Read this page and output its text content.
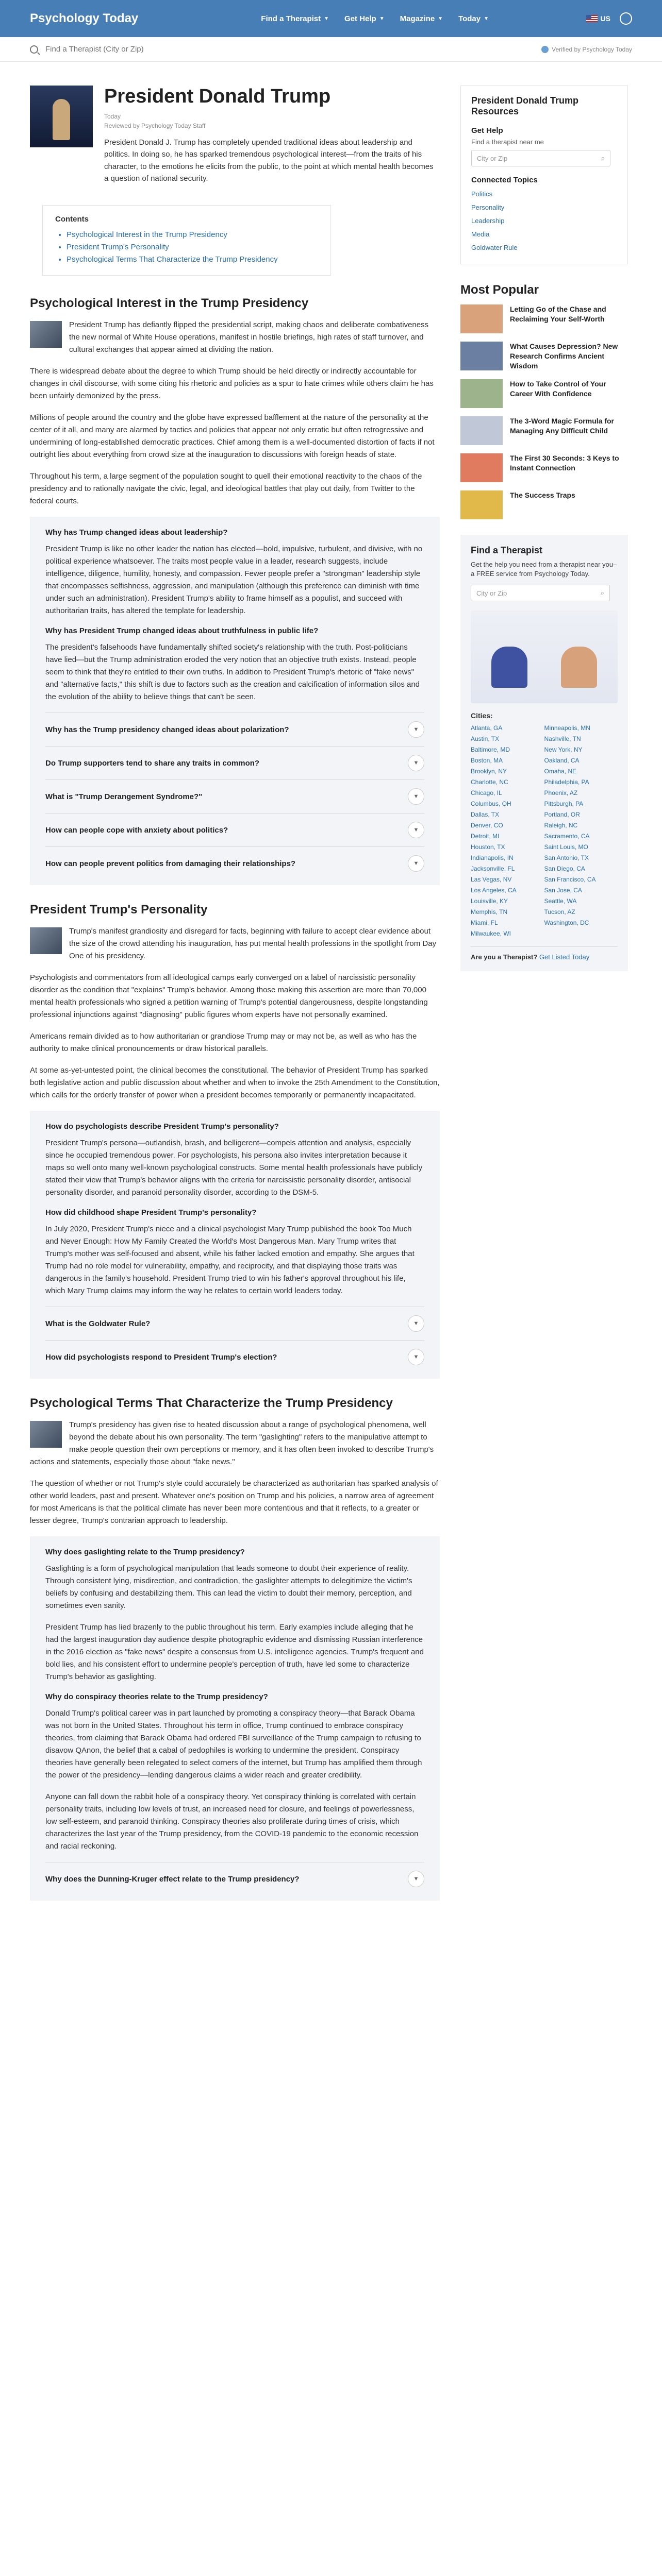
Psychology Today	Find a Therapist ▼ Get Help ▼ Magazine ▼ Today ▼	US
Find a Therapist (City or Zip)
Verified by Psychology Today
President Donald Trump
Today
Reviewed by Psychology Today Staff
President Donald J. Trump has completely upended traditional ideas about leadership and politics. In doing so, he has sparked tremendous psychological interest—from the traits of his character, to the emotions he elicits from the public, to the point at which mental health becomes a question of national security.
Contents
• Psychological Interest in the Trump Presidency
• President Trump's Personality
• Psychological Terms That Characterize the Trump Presidency
Psychological Interest in the Trump Presidency

President Trump has defiantly flipped the presidential script, making chaos and deliberate combativeness the new normal of White House operations, manifest in hostile briefings, high rates of staff turnover, and cultural exchanges that appear aimed at dividing the nation.

There is widespread debate about the degree to which Trump should be held directly or indirectly accountable for changes in civil discourse, with some citing his rhetoric and policies as a spur to hate crimes while others claim he has been unfairly demonized by the press.

Millions of people around the country and the globe have expressed bafflement at the nature of the personality at the center of it all, and many are alarmed by tactics and policies that appear not only erratic but often retrogressive and undermining of long-established democratic practices. Chief among them is a well-documented distortion of facts if not outright lies about everything from crowd size at the inauguration to discussions with foreign heads of state.

Throughout his term, a large segment of the population sought to quell their emotional reactivity to the chaos of the presidency and to rationally navigate the civic, legal, and ideological battles that play out daily, from Twitter to the federal courts.

Why has Trump changed ideas about leadership?
President Trump is like no other leader the nation has elected—bold, impulsive, turbulent, and divisive, with no political experience whatsoever. The traits most people value in a leader, research suggests, include intelligence, diligence, humility, honesty, and compassion. Fewer people prefer a "strongman" leadership style that encompasses selfishness, aggression, and manipulation (although this preference can diminish with time under such an administration). President Trump's ability to frame himself as a populist, and succeed with authoritarian traits, has altered the template for leadership.
Why has President Trump changed ideas about truthfulness in public life?
The president's falsehoods have fundamentally shifted society's relationship with the truth. Post-politicians have lied—but the Trump administration eroded the very notion that an objective truth exists. Instead, people seem to think that they're entitled to their own truths. In addition to President Trump's rhetoric of "fake news" and "alternative facts," this shift is due to factors such as the creation and calcification of information silos and the evolution of the ability to believe things that can't be seen.
Why has the Trump presidency changed ideas about polarization?	▼
Do Trump supporters tend to share any traits in common?	▼
What is "Trump Derangement Syndrome?"	▼
How can people cope with anxiety about politics?	▼
How can people prevent politics from damaging their relationships?	▼
President Trump's Personality

Trump's manifest grandiosity and disregard for facts, beginning with failure to accept clear evidence about the size of the crowd attending his inauguration, has put mental health professions in the spotlight from Day One of his presidency.

Psychologists and commentators from all ideological camps early converged on a label of narcissistic personality disorder as the condition that "explains" Trump's behavior. Among those making this assertion are more than 70,000 mental health professionals who signed a petition warning of Trump's potential dangerousness, despite longstanding professional injunctions against "diagnosing" public figures whom experts have not personally examined.

Americans remain divided as to how authoritarian or grandiose Trump may or may not be, as well as who has the authority to make clinical pronouncements or draw historical parallels.

At some as-yet-untested point, the clinical becomes the constitutional. The behavior of President Trump has sparked both legislative action and public discussion about whether and when to invoke the 25th Amendment to the Constitution, which calls for the orderly transfer of power when a president becomes temporarily or permanently incapacitated.

How do psychologists describe President Trump's personality?
President Trump's persona—outlandish, brash, and belligerent—compels attention and analysis, especially since he occupied tremendous power. For psychologists, his persona also invites interpretation because it maps so well onto many well-known psychological constructs. Some mental health professionals have publicly stated their view that Trump's behavior aligns with the criteria for narcissistic personality disorder, antisocial personality disorder, and paranoid personality disorder, according to the DSM-5.
How did childhood shape President Trump's personality?
In July 2020, President Trump's niece and a clinical psychologist Mary Trump published the book Too Much and Never Enough: How My Family Created the World's Most Dangerous Man. Mary Trump writes that Trump's mother was self-focused and absent, while his father lacked emotion and empathy. She argues that Trump had no role model for vulnerability, empathy, and reciprocity, and that displaying those traits was dangerous in the family's household. President Trump tried to win his father's approval throughout his life, which Mary Trump claims may inform the way he relates to certain world leaders today.
What is the Goldwater Rule?	▼
How did psychologists respond to President Trump's election?	▼
Psychological Terms That Characterize the Trump Presidency

Trump's presidency has given rise to heated discussion about a range of psychological phenomena, well beyond the debate about his own personality. The term "gaslighting" refers to the manipulative attempt to make people question their own perceptions or memory, and it has often been invoked to describe Trump's actions and statements, especially those about "fake news."

The question of whether or not Trump's style could accurately be characterized as authoritarian has sparked analysis of other world leaders, past and present. Whatever one's position on Trump and his policies, a narrow area of agreement for most Americans is that the political climate has never been more contentious and that it reflects, to a greater or lesser degree, Trump's contrarian approach to leadership.

Why does gaslighting relate to the Trump presidency?
Gaslighting is a form of psychological manipulation that leads someone to doubt their experience of reality. Through consistent lying, misdirection, and contradiction, the gaslighter attempts to delegitimize the victim's beliefs by confusing and destabilizing them. This can lead the victim to doubt their memory, perception, and sometimes even sanity.
President Trump has lied brazenly to the public throughout his term. Early examples include alleging that he had the largest inauguration day audience despite photographic evidence and dismissing Russian interference in the 2016 election as "fake news" despite a consensus from U.S. intelligence agencies. Trump's frequent and bold lies, and his consistent effort to undermine people's perception of truth, have led some to characterize Trump's behavior as gaslighting.
Why do conspiracy theories relate to the Trump presidency?
Donald Trump's political career was in part launched by promoting a conspiracy theory—that Barack Obama was not born in the United States. Throughout his term in office, Trump continued to embrace conspiracy theories, from claiming that Barack Obama had ordered FBI surveillance of the Trump campaign to refusing to disavow QAnon, the belief that a cabal of pedophiles is working to undermine the president. Conspiracy theories have generally been relegated to select corners of the internet, but Trump has amplified them through the power of the presidency—lending dangerous claims a wider reach and greater credibility.
Anyone can fall down the rabbit hole of a conspiracy theory. Yet conspiracy thinking is correlated with certain personality traits, including low levels of trust, an increased need for closure, and feelings of powerlessness, low self-esteem, and paranoid thinking. Conspiracy theories also proliferate during times of crisis, which characterizes the last year of the Trump presidency, from the COVID-19 pandemic to the economic recession and racial reckoning.
Why does the Dunning-Kruger effect relate to the Trump presidency?	▼
President Donald Trump Resources
Get Help
Find a therapist near me
City or Zip	⌕
Connected Topics
Politics
Personality
Leadership
Media
Goldwater Rule
Most Popular
Letting Go of the Chase and Reclaiming Your Self-Worth
What Causes Depression? New Research Confirms Ancient Wisdom
How to Take Control of Your Career With Confidence
The 3-Word Magic Formula for Managing Any Difficult Child
The First 30 Seconds: 3 Keys to Instant Connection
The Success Traps
Find a Therapist
Get the help you need from a therapist near you–a FREE service from Psychology Today.
City or Zip	⌕
Cities:
Atlanta, GA	Minneapolis, MN
Austin, TX	Nashville, TN
Baltimore, MD	New York, NY
Boston, MA	Oakland, CA
Brooklyn, NY	Omaha, NE
Charlotte, NC	Philadelphia, PA
Chicago, IL	Phoenix, AZ
Columbus, OH	Pittsburgh, PA
Dallas, TX	Portland, OR
Denver, CO	Raleigh, NC
Detroit, MI	Sacramento, CA
Houston, TX	Saint Louis, MO
Indianapolis, IN	San Antonio, TX
Jacksonville, FL	San Diego, CA
Las Vegas, NV	San Francisco, CA
Los Angeles, CA	San Jose, CA
Louisville, KY	Seattle, WA
Memphis, TN	Tucson, AZ
Miami, FL	Washington, DC
Milwaukee, WI
Are you a Therapist? Get Listed Today
